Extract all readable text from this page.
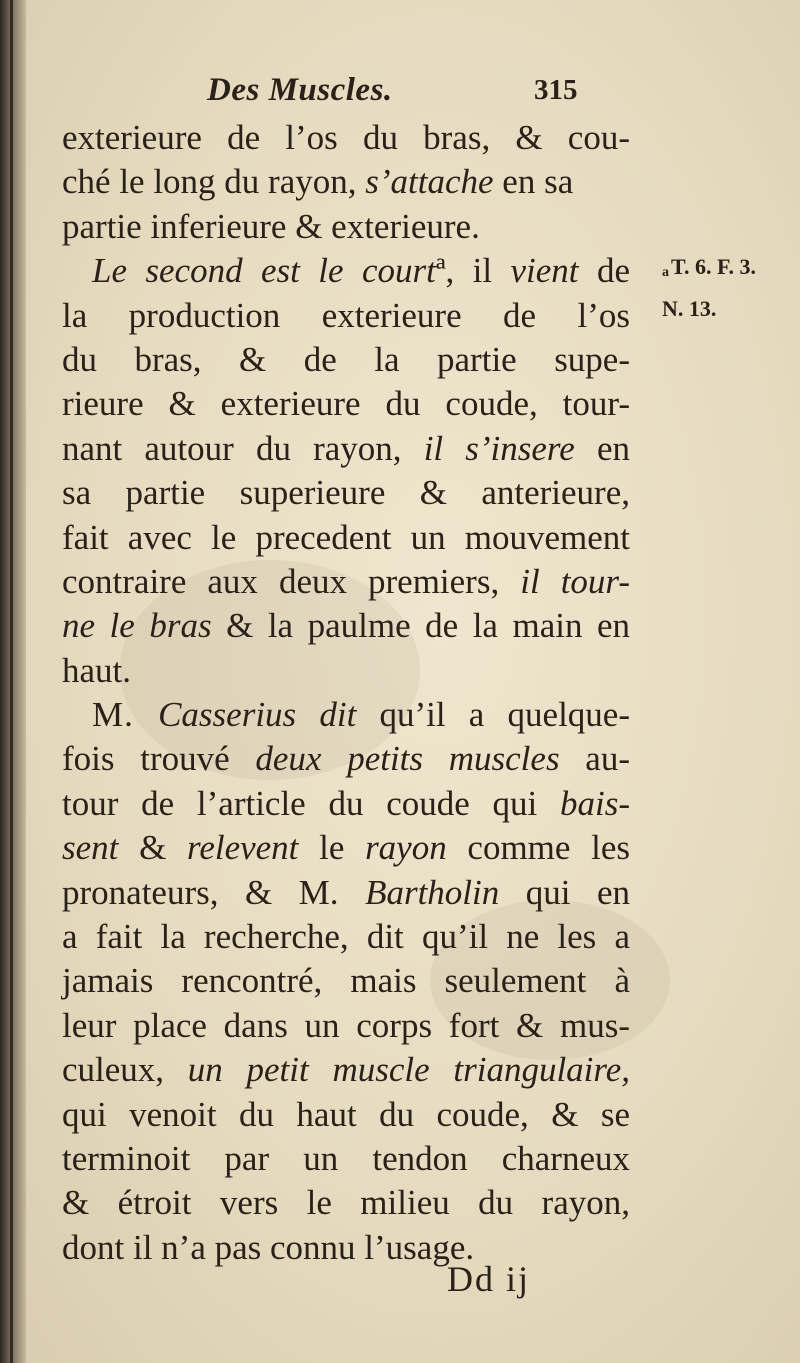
Des Muscles.	315
exterieure de l’os du bras, & cou-
ché le long du rayon, s’attache en sa
partie inferieure & exterieure.
Le second est le courtª, il vient de
la production exterieure de l’os
du bras, & de la partie supe-
rieure & exterieure du coude, tour-
nant autour du rayon, il s’insere en
sa partie superieure & anterieure,
fait avec le precedent un mouvement
contraire aux deux premiers, il tour-
ne le bras & la paulme de la main en
haut.
M. Casserius dit qu’il a quelque-
fois trouvé deux petits muscles au-
tour de l’article du coude qui bais-
sent & relevent le rayon comme les
pronateurs, & M. Bartholin qui en
a fait la recherche, dit qu’il ne les a
jamais rencontré, mais seulement à
leur place dans un corps fort & mus-
culeux, un petit muscle triangulaire,
qui venoit du haut du coude, & se
terminoit par un tendon charneux
& étroit vers le milieu du rayon,
dont il n’a pas connu l’usage.
aT. 6. F. 3.
N. 13.
Dd ij
